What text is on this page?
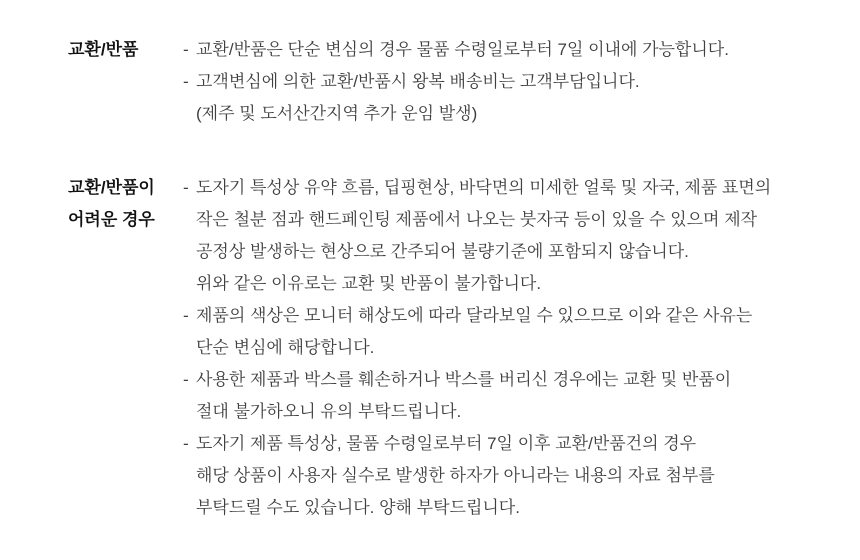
교환/반품	- 교환/반품은 단순 변심의 경우 물품 수령일로부터 7일 이내에 가능합니다.
- 고객변심에 의한 교환/반품시 왕복 배송비는 고객부담입니다.
(제주 및 도서산간지역 추가 운임 발생)
교환/반품이
어려운 경우
- 도자기 특성상 유약 흐름, 딥핑현상, 바닥면의 미세한 얼룩 및 자국, 제품 표면의
작은 철분 점과 핸드페인팅 제품에서 나오는 붓자국 등이 있을 수 있으며 제작
공정상 발생하는 현상으로 간주되어 불량기준에 포함되지 않습니다.
위와 같은 이유로는 교환 및 반품이 불가합니다.
- 제품의 색상은 모니터 해상도에 따라 달라보일 수 있으므로 이와 같은 사유는
단순 변심에 해당합니다.
- 사용한 제품과 박스를 훼손하거나 박스를 버리신 경우에는 교환 및 반품이
절대 불가하오니 유의 부탁드립니다.
- 도자기 제품 특성상, 물품 수령일로부터 7일 이후 교환/반품건의 경우
해당 상품이 사용자 실수로 발생한 하자가 아니라는 내용의 자료 첨부를
부탁드릴 수도 있습니다. 양해 부탁드립니다.
